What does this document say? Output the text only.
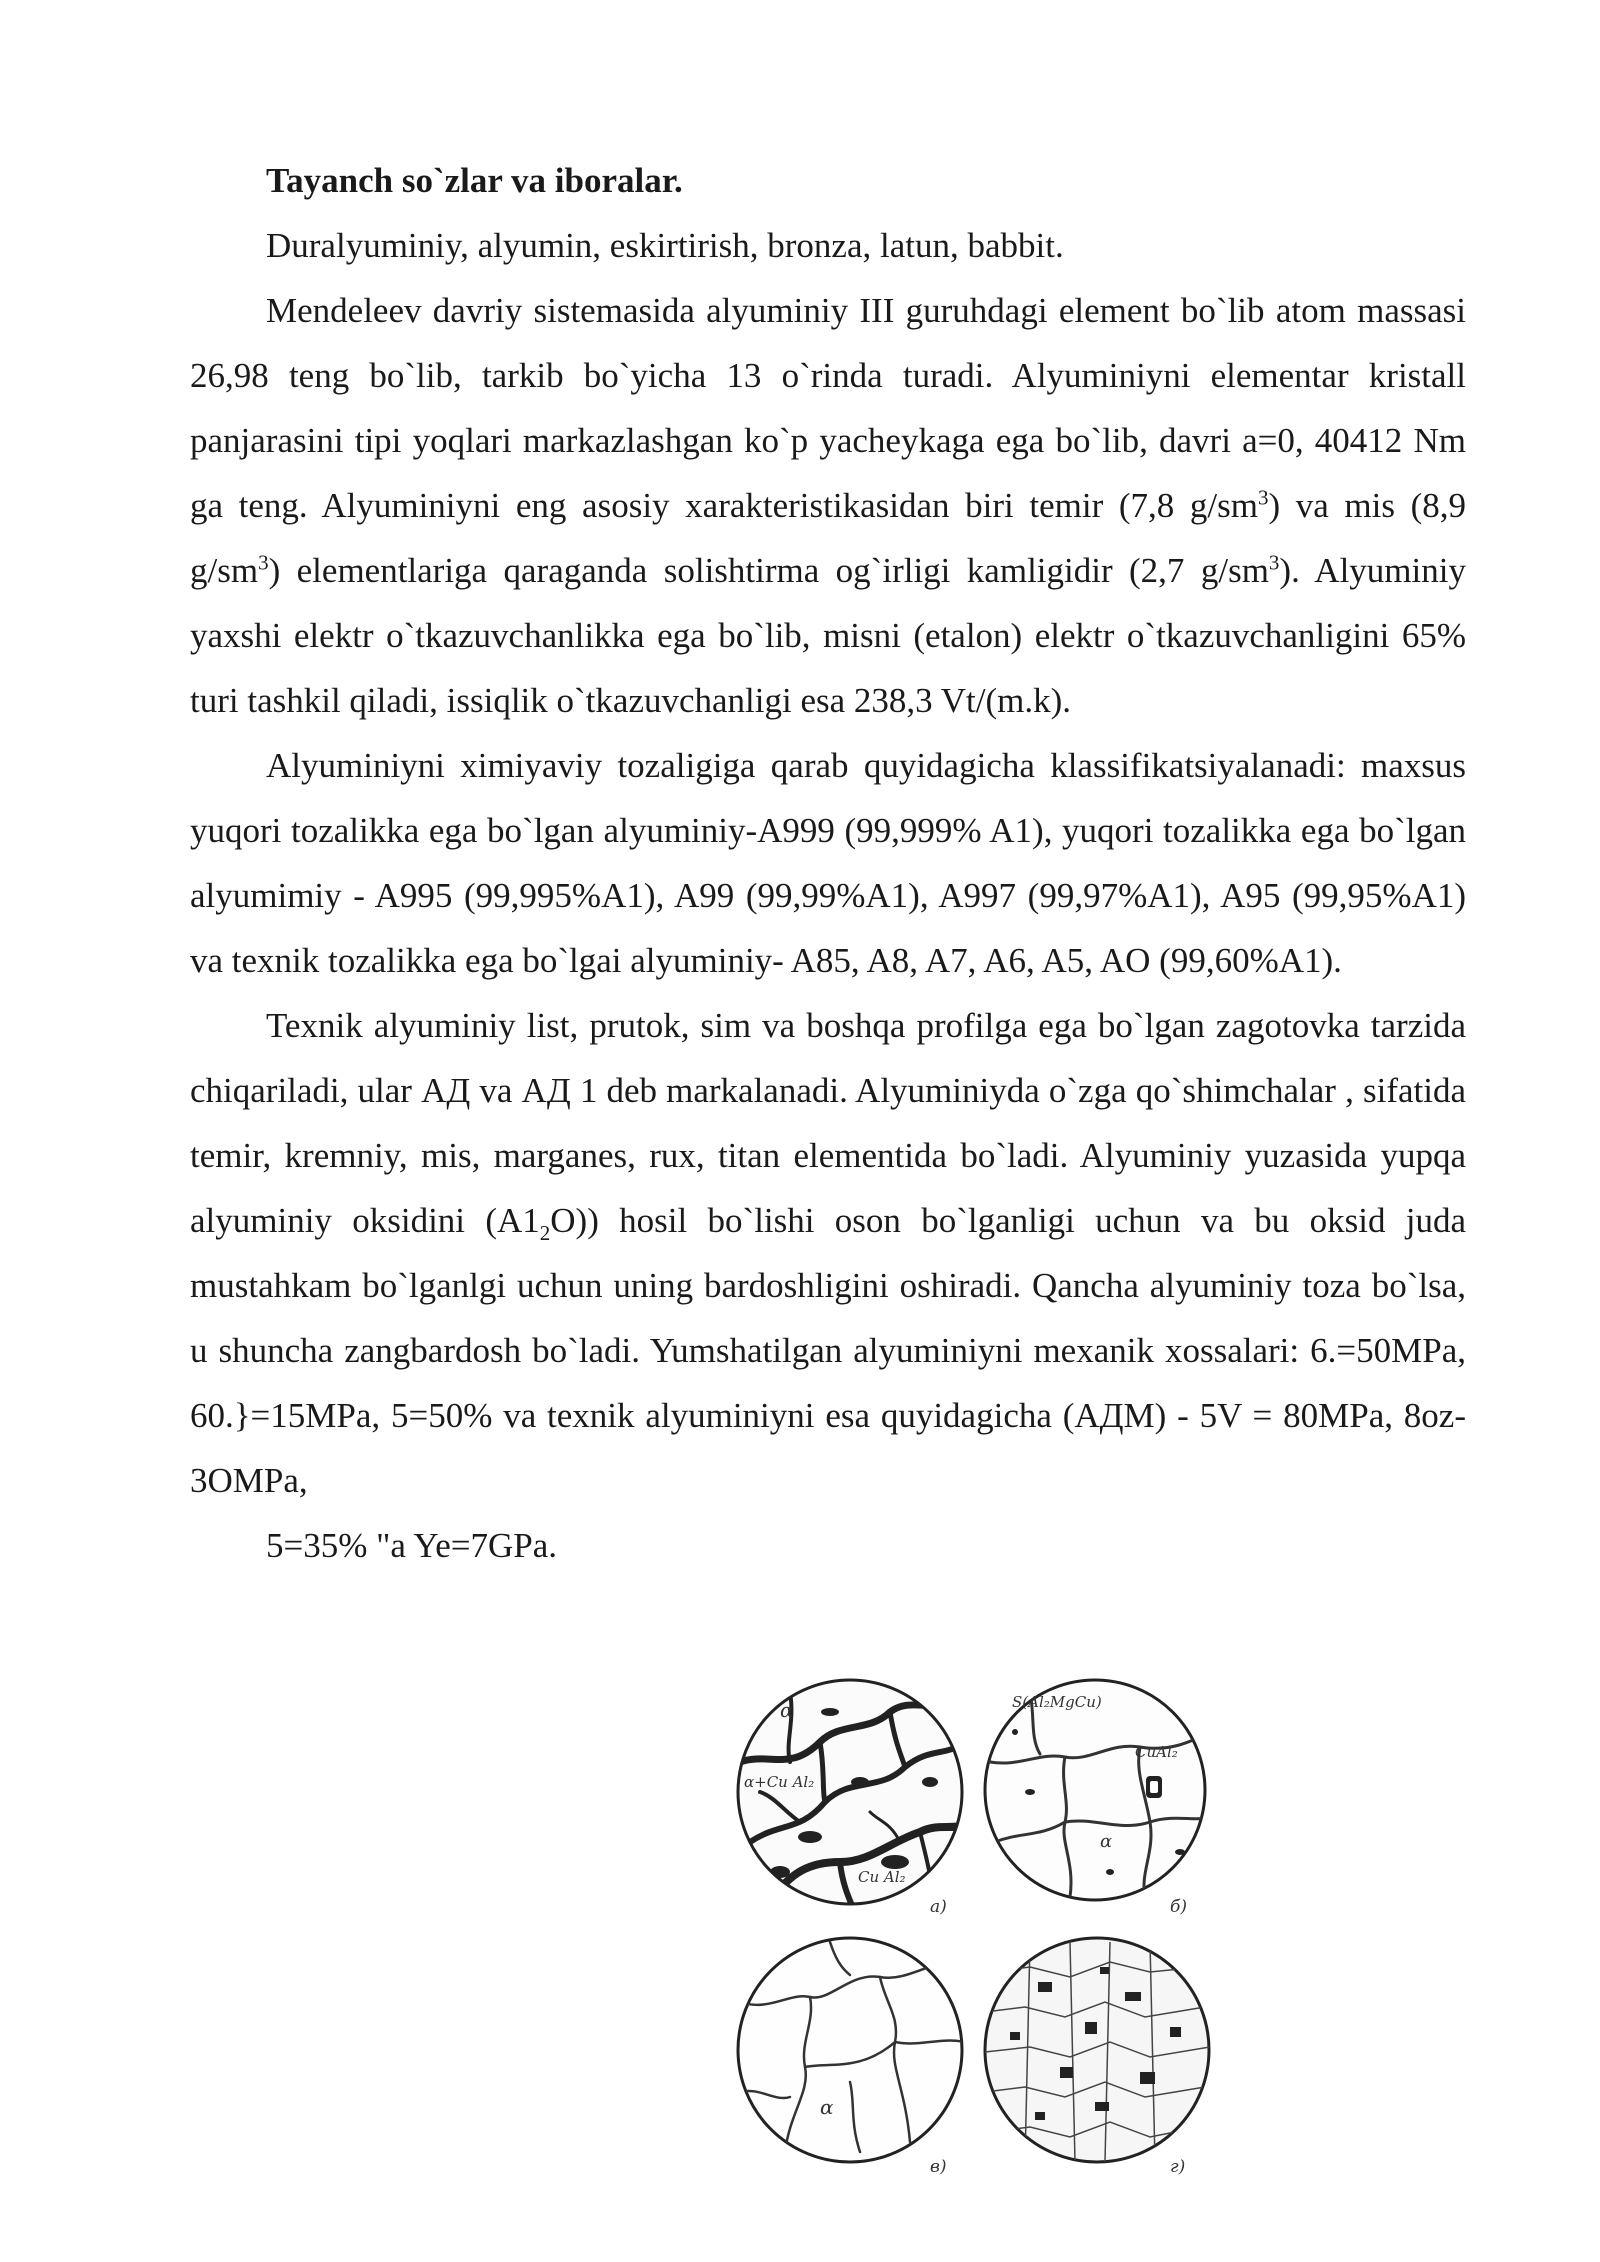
Tayanch so`zlar va iboralar.

Duralyuminiy, alyumin, eskirtirish, bronza, latun, babbit.

Mendeleev davriy sistemasida alyuminiy III guruhdagi element bo`lib atom massasi 26,98 teng bo`lib, tarkib bo`yicha 13 o`rinda turadi. Alyuminiyni elementar kristall panjarasini tipi yoqlari markazlashgan ko`p yacheykaga ega bo`lib, davri a=0, 40412 Nm ga teng. Alyuminiyni eng asosiy xarakteristikasidan biri temir (7,8 $g/sm^3$) va mis (8,9 $g/sm^3$) elementlariga qaraganda solishtirma og`irligi kamligidir (2,7 $g/sm^3$). Alyuminiy yaxshi elektr o`tkazuvchanlikka ega bo`lib, misni (etalon) elektr o`tkazuvchanligini 65% turi tashkil qiladi, issiqlik o`tkazuvchanligi esa 238,3 Vt/(m.k).

Alyuminiyni ximiyaviy tozaligiga qarab quyidagicha klassifikatsiyalanadi: maxsus yuqori tozalikka ega bo`lgan alyuminiy-A999 (99,999% A1), yuqori tozalikka ega bo`lgan alyumimiy - A995 (99,995%A1), A99 (99,99%A1), A997 (99,97%A1), A95 (99,95%A1) va texnik tozalikka ega bo`lgai alyuminiy- A85, A8, A7, A6, A5, AO (99,60%A1).

Texnik alyuminiy list, prutok, sim va boshqa profilga ega bo`lgan zagotovka tarzida chiqariladi, ular АД va АД 1 deb markalanadi. Alyuminiyda o`zga qo`shimchalar , sifatida temir, kremniy, mis, marganes, rux, titan elementida bo`ladi. Alyuminiy yuzasida yupqa alyuminiy oksidini $(A1_2O)$) hosil bo`lishi oson bo`lganligi uchun va bu oksid juda mustahkam bo`lganlgi uchun uning bardoshligini oshiradi. Qancha alyuminiy toza bo`lsa, u shuncha zangbardosh bo`ladi. Yumshatilgan alyuminiyni mexanik xossalari: 6.=50MPa, 60.}=15MPa, 5=50% va texnik alyuminiyni esa quyidagicha (АДМ) - 5V = 80MPa, 8oz-3OMPa,

5=35% "a Ye=7GPa.

α
α+Cu Al₂
Cu Al₂
а)
S(Al₂MgCu)
CuAl₂
α
б)
α
в)	г)
